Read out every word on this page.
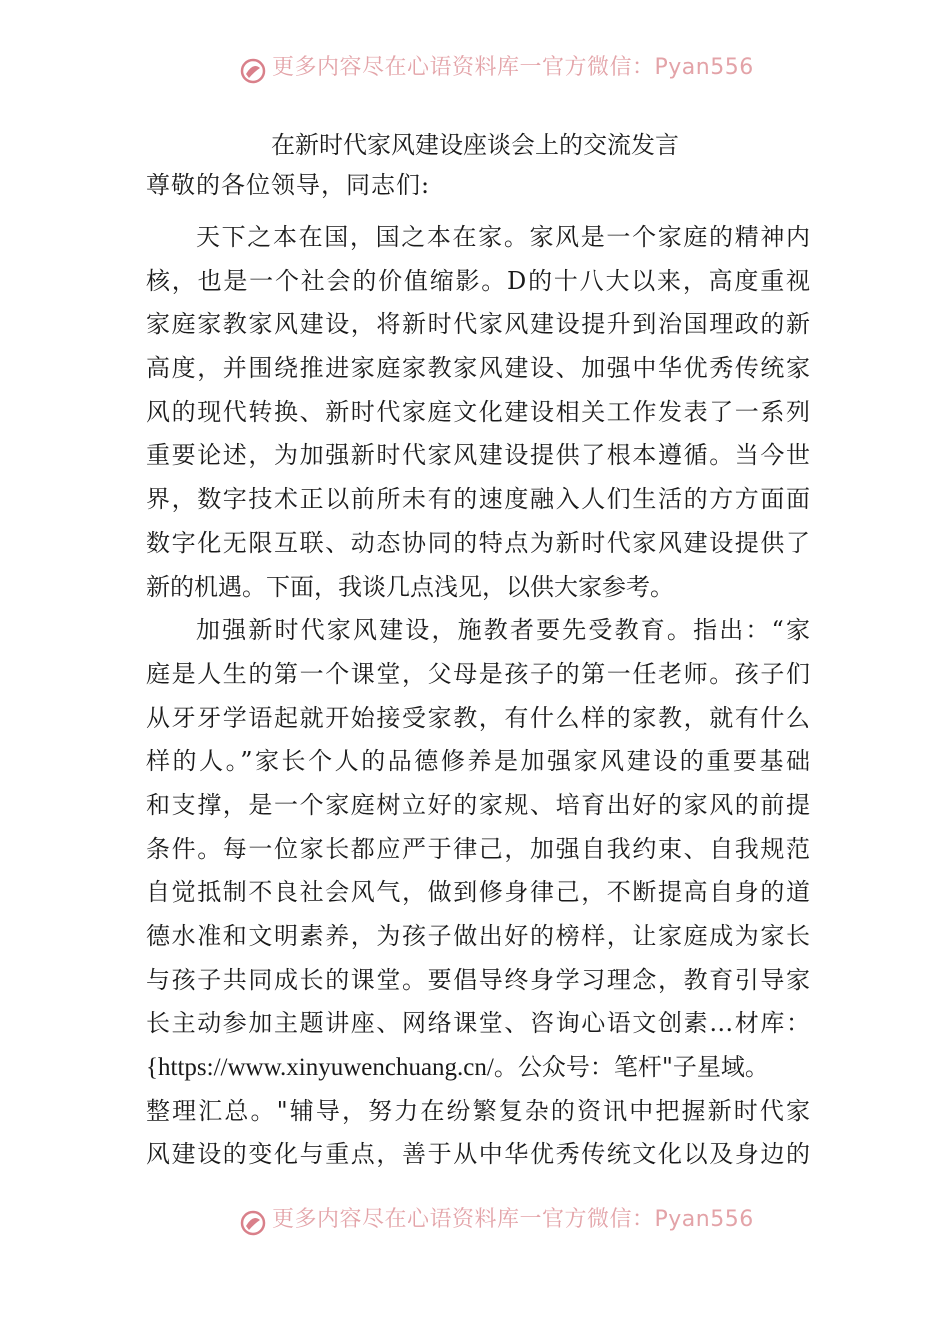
更多内容尽在心语资料库一官方微信：Pyan556
在新时代家风建设座谈会上的交流发言

尊敬的各位领导，同志们:

天下之本在国，国之本在家。家风是一个家庭的精神内
核，也是一个社会的价值缩影。D的十八大以来，高度重视
家庭家教家风建设，将新时代家风建设提升到治国理政的新
高度，并围绕推进家庭家教家风建设、加强中华优秀传统家
风的现代转换、新时代家庭文化建设相关工作发表了一系列
重要论述，为加强新时代家风建设提供了根本遵循。当今世
界，数字技术正以前所未有的速度融入人们生活的方方面面
数字化无限互联、动态协同的特点为新时代家风建设提供了
新的机遇。下面，我谈几点浅见，以供大家参考。
加强新时代家风建设，施教者要先受教育。指出：“家
庭是人生的第一个课堂，父母是孩子的第一任老师。孩子们
从牙牙学语起就开始接受家教，有什么样的家教，就有什么
样的人。”家长个人的品德修养是加强家风建设的重要基础
和支撑，是一个家庭树立好的家规、培育出好的家风的前提
条件。每一位家长都应严于律己，加强自我约束、自我规范
自觉抵制不良社会风气，做到修身律己，不断提高自身的道
德水准和文明素养，为孩子做出好的榜样，让家庭成为家长
与孩子共同成长的课堂。要倡导终身学习理念，教育引导家
长主动参加主题讲座、网络课堂、咨询心语文创素…材库：
{https://www.xinyuwenchuang.cn/。公众号：笔杆"子星域。
整理汇总。"辅导，努力在纷繁复杂的资讯中把握新时代家
风建设的变化与重点，善于从中华优秀传统文化以及身边的
更多内容尽在心语资料库一官方微信：Pyan556
